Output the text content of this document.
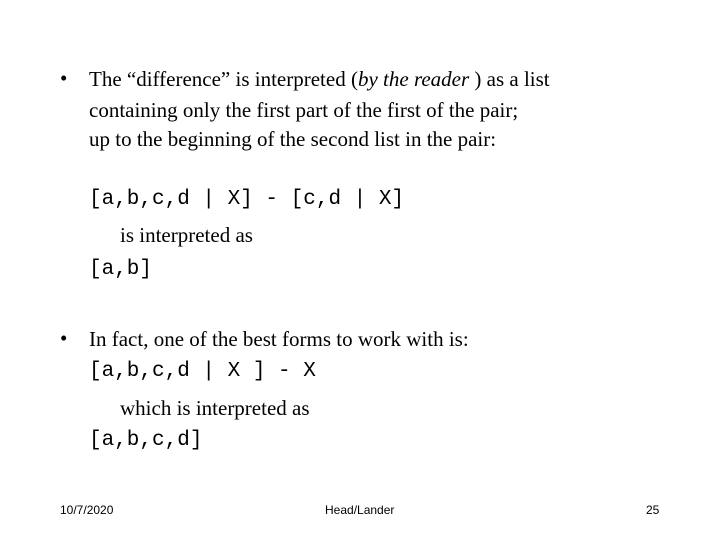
• The “difference” is interpreted (by the reader ) as a list
containing only the first part of the first of the pair;
up to the beginning of the second list in the pair:
[a,b,c,d | X] - [c,d | X]
is interpreted as
[a,b]
• In fact, one of the best forms to work with is:
[a,b,c,d | X ] - X
which is interpreted as
[a,b,c,d]
10/7/2020	Head/Lander	25
